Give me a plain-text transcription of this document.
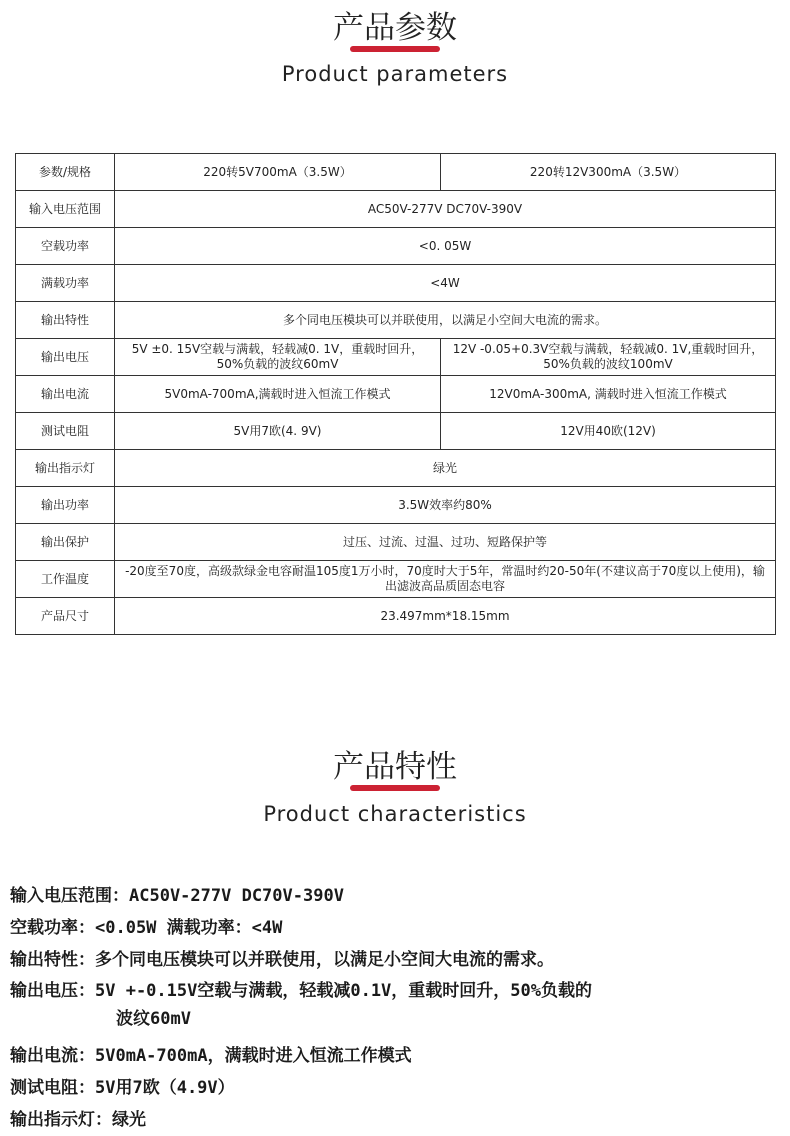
产品参数
Product parameters
参数/规格	220转5V700mA（3.5W）	220转12V300mA（3.5W）
输入电压范围	AC50V-277V DC70V-390V	
空载功率	<0. 05W	
满载功率	<4W	
输出特性	多个同电压模块可以并联使用，以满足小空间大电流的需求。	
输出电压	5V ±0. 15V空载与满载，轻载减0. 1V，重载时回升，50%负载的波纹60mV	12V -0.05+0.3V空载与满载，轻载减0. 1V,重载时回升，50%负载的波纹100mV
输出电流	5V0mA-700mA,满载时进入恒流工作模式	12V0mA-300mA, 满载时进入恒流工作模式
测试电阻	5V用7欧(4. 9V)	12V用40欧(12V)
输出指示灯	绿光	
输出功率	3.5W效率约80%	
输出保护	过压、过流、过温、过功、短路保护等	
工作温度	-20度至70度，高级款绿金电容耐温105度1万小时，70度时大于5年，常温时约20-50年(不建议高于70度以上使用)，输出滤波高品质固态电容	
产品尺寸	23.497mm*18.15mm	
产品特性
Product characteristics
输入电压范围：AC50V-277V DC70V-390V
空载功率：<0.05W 满载功率：<4W
输出特性：多个同电压模块可以并联使用，以满足小空间大电流的需求。
输出电压：5V +-0.15V空载与满载，轻载减0.1V，重载时回升，50%负载的
波纹60mV
输出电流：5V0mA-700mA，满载时进入恒流工作模式
测试电阻：5V用7欧（4.9V）
输出指示灯：绿光
